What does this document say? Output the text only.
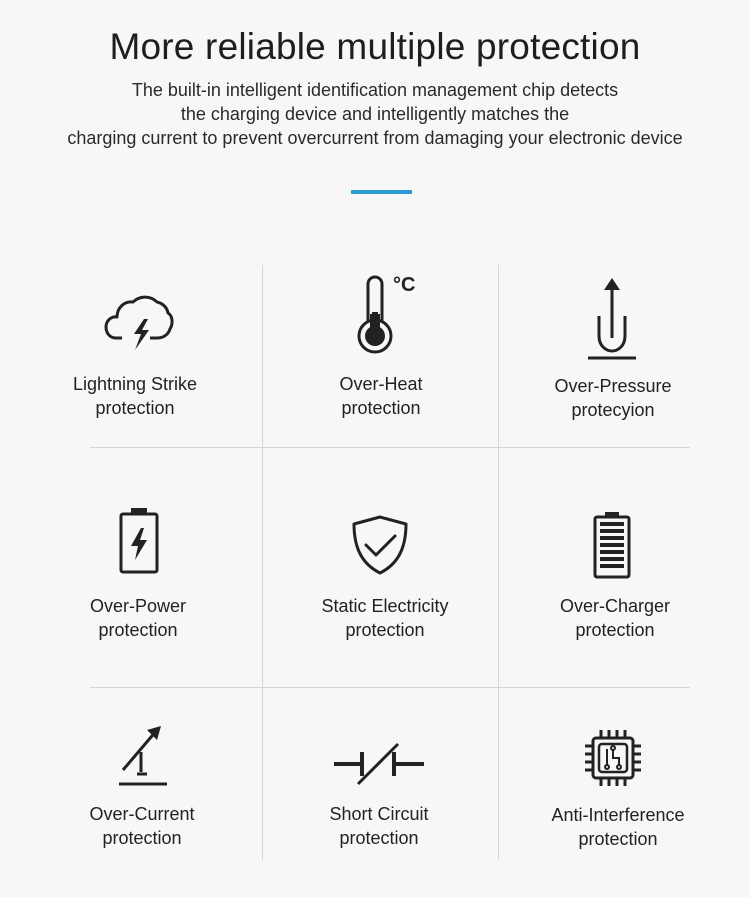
More reliable multiple protection

The built-in intelligent identification management chip detects
the charging device and intelligently matches the
charging current to prevent overcurrent from damaging your electronic device

Lightning Strike
protection
°C
Over-Heat
protection
Over-Pressure
protecyion
Over-Power
protection
Static Electricity
protection
Over-Charger
protection
Over-Current
protection
Short Circuit
protection
Anti-Interference
protection
